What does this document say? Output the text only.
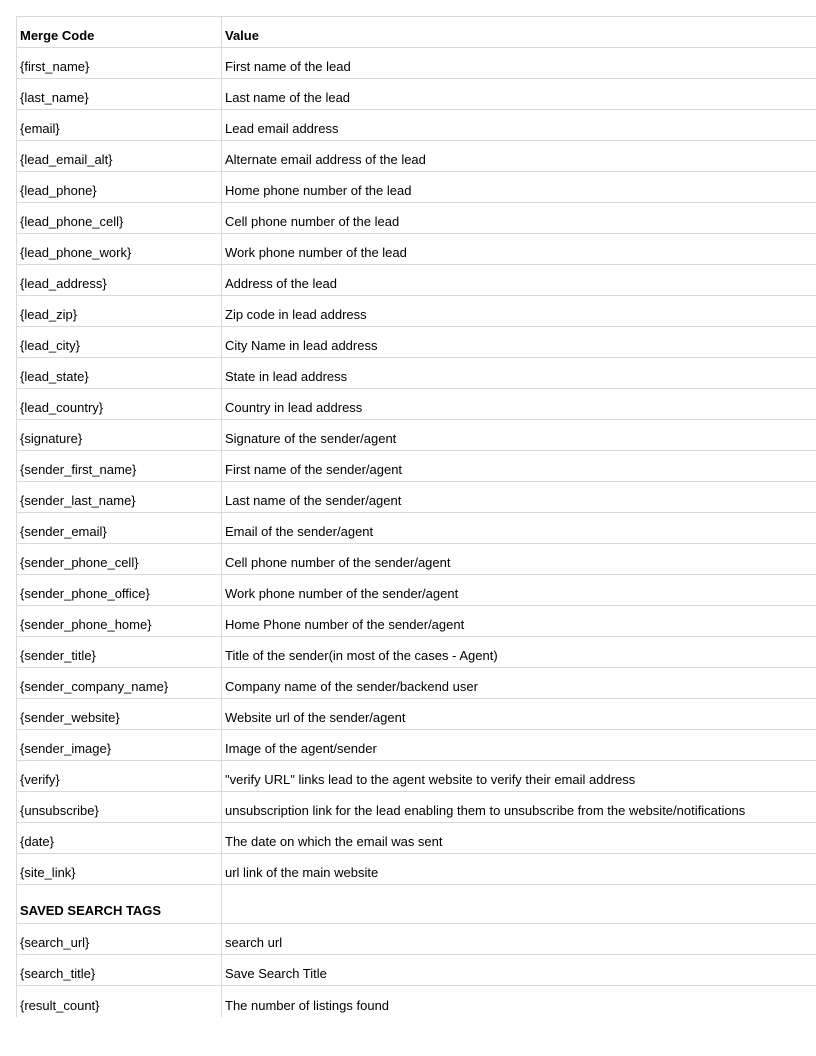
Merge Code	Value
{first_name}	First name of the lead
{last_name}	Last name of the lead
{email}	Lead email address
{lead_email_alt}	Alternate email address of the lead
{lead_phone}	Home phone number of the lead
{lead_phone_cell}	Cell phone number of the lead
{lead_phone_work}	Work phone number of the lead
{lead_address}	Address of the lead
{lead_zip}	Zip code in lead address
{lead_city}	City Name in lead address
{lead_state}	State in lead address
{lead_country}	Country in lead address
{signature}	Signature of the sender/agent
{sender_first_name}	First name of the sender/agent
{sender_last_name}	Last name of the sender/agent
{sender_email}	Email of the sender/agent
{sender_phone_cell}	Cell phone number of the sender/agent
{sender_phone_office}	Work phone number of the sender/agent
{sender_phone_home}	Home Phone number of the sender/agent
{sender_title}	Title of the sender(in most of the cases - Agent)
{sender_company_name}	Company name of the sender/backend user
{sender_website}	Website url of the sender/agent
{sender_image}	Image of the agent/sender
{verify}	"verify URL" links lead to the agent website to verify their email address
{unsubscribe}	unsubscription link for the lead enabling them to unsubscribe from the website/notifications
{date}	The date on which the email was sent
{site_link}	url link of the main website
SAVED SEARCH TAGS	
{search_url}	search url
{search_title}	Save Search Title
{result_count}	The number of listings found
